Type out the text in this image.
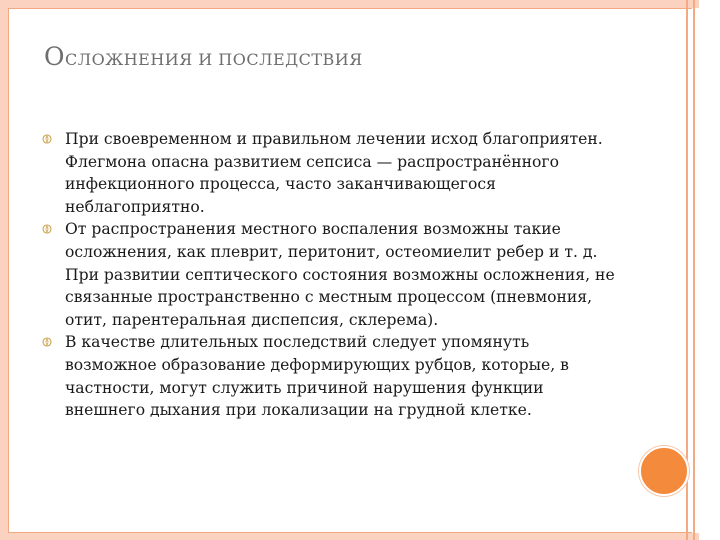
ОСЛОЖНЕНИЯ И ПОСЛЕДСТВИЯ
При своевременном и правильном лечении исход благоприятен. Флегмона опасна развитием сепсиса — распространённого инфекционного процесса, часто заканчивающегося неблагоприятно.
От распространения местного воспаления возможны такие осложнения, как плеврит, перитонит, остеомиелит ребер и т. д. При развитии септического состояния возможны осложнения, не связанные пространственно с местным процессом (пневмония, отит, парентеральная диспепсия, склерема).
В качестве длительных последствий следует упомянуть возможное образование деформирующих рубцов, которые, в частности, могут служить причиной нарушения функции внешнего дыхания при локализации на грудной клетке.
